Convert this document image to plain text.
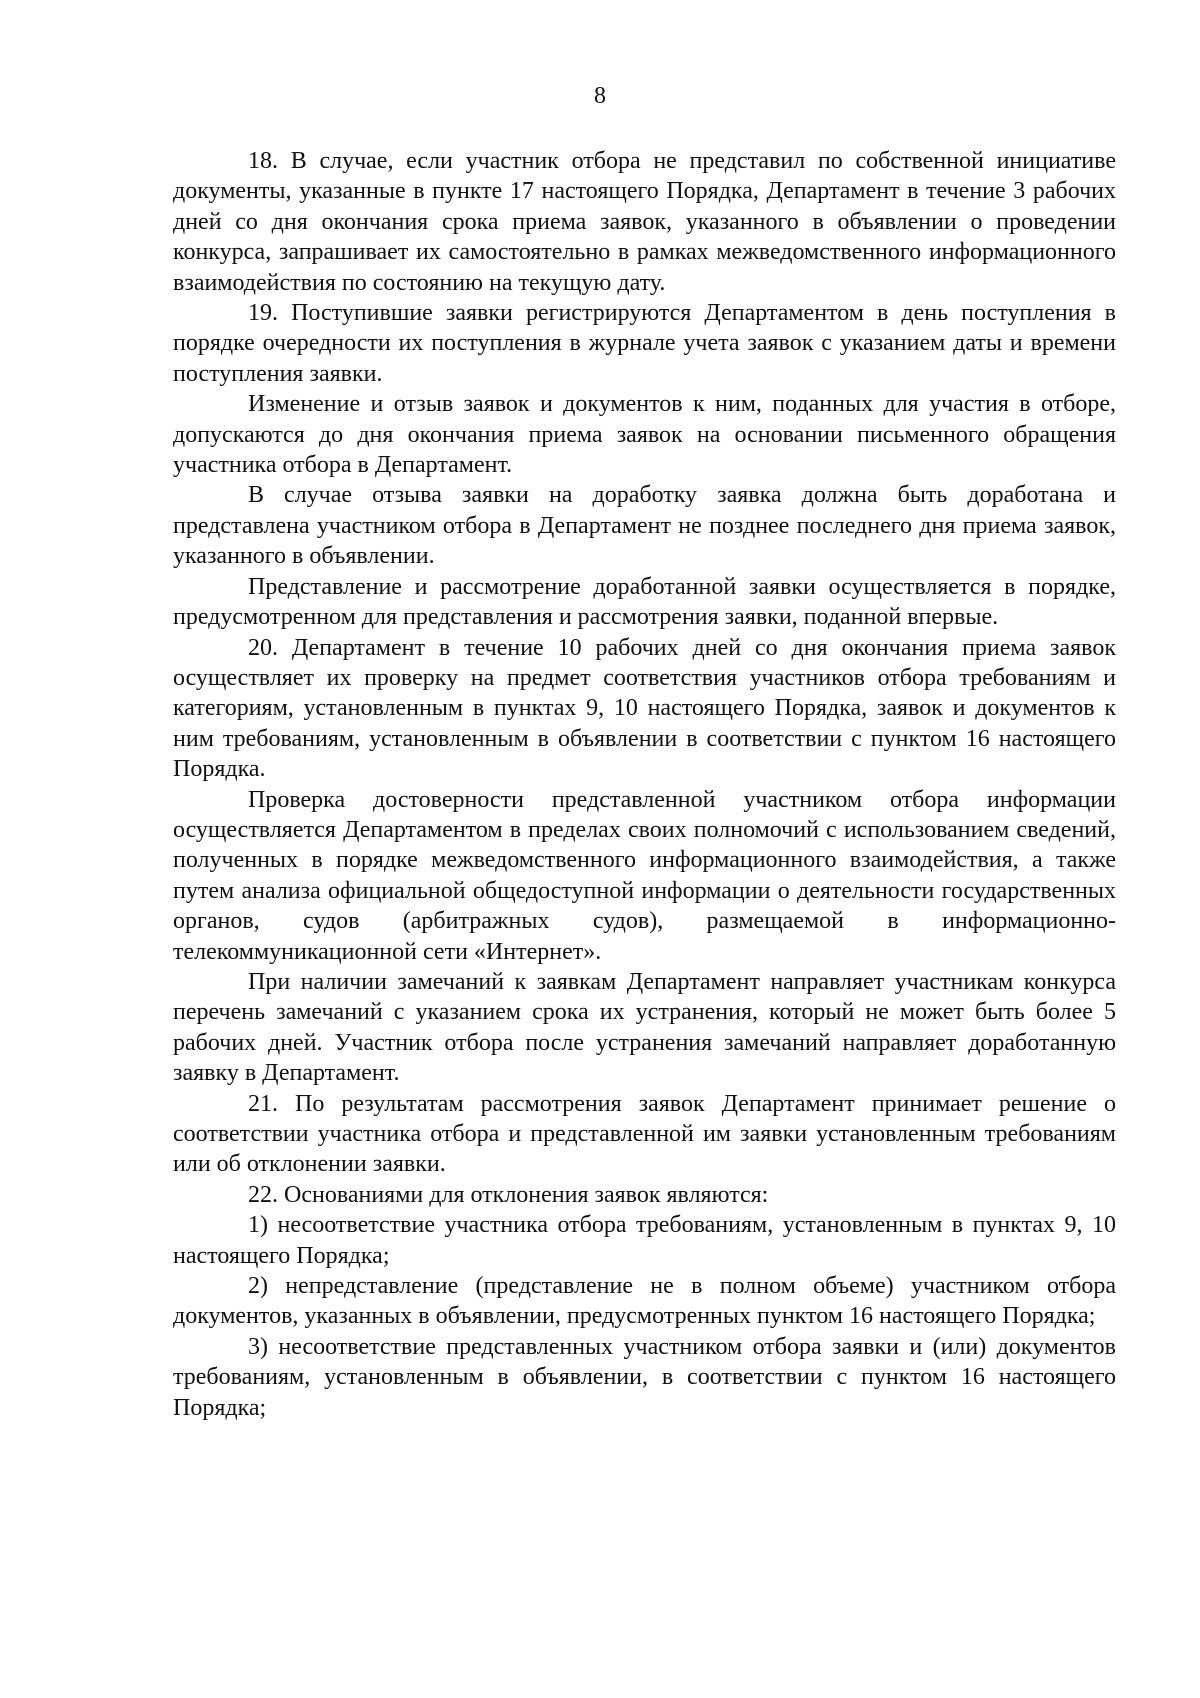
8

18. В случае, если участник отбора не представил по собственной инициативе документы, указанные в пункте 17 настоящего Порядка, Департамент в течение 3 рабочих дней со дня окончания срока приема заявок, указанного в объявлении о проведении конкурса, запрашивает их самостоятельно в рамках межведомственного информационного взаимодействия по состоянию на текущую дату.

19. Поступившие заявки регистрируются Департаментом в день поступления в порядке очередности их поступления в журнале учета заявок с указанием даты и времени поступления заявки.

Изменение и отзыв заявок и документов к ним, поданных для участия в отборе, допускаются до дня окончания приема заявок на основании письменного обращения участника отбора в Департамент.

В случае отзыва заявки на доработку заявка должна быть доработана и представлена участником отбора в Департамент не позднее последнего дня приема заявок, указанного в объявлении.

Представление и рассмотрение доработанной заявки осуществляется в порядке, предусмотренном для представления и рассмотрения заявки, поданной впервые.

20. Департамент в течение 10 рабочих дней со дня окончания приема заявок осуществляет их проверку на предмет соответствия участников отбора требованиям и категориям, установленным в пунктах 9, 10 настоящего Порядка, заявок и документов к ним требованиям, установленным в объявлении в соответствии с пунктом 16 настоящего Порядка.

Проверка достоверности представленной участником отбора информации осуществляется Департаментом в пределах своих полномочий с использованием сведений, полученных в порядке межведомственного информационного взаимодействия, а также путем анализа официальной общедоступной информации о деятельности государственных органов, судов (арбитражных судов), размещаемой в информационно-телекоммуникационной сети «Интернет».

При наличии замечаний к заявкам Департамент направляет участникам конкурса перечень замечаний с указанием срока их устранения, который не может быть более 5 рабочих дней. Участник отбора после устранения замечаний направляет доработанную заявку в Департамент.

21. По результатам рассмотрения заявок Департамент принимает решение о соответствии участника отбора и представленной им заявки установленным требованиям или об отклонении заявки.

22. Основаниями для отклонения заявок являются:

1) несоответствие участника отбора требованиям, установленным в пунктах 9, 10 настоящего Порядка;

2) непредставление (представление не в полном объеме) участником отбора документов, указанных в объявлении, предусмотренных пунктом 16 настоящего Порядка;

3) несоответствие представленных участником отбора заявки и (или) документов требованиям, установленным в объявлении, в соответствии с пунктом 16 настоящего Порядка;
